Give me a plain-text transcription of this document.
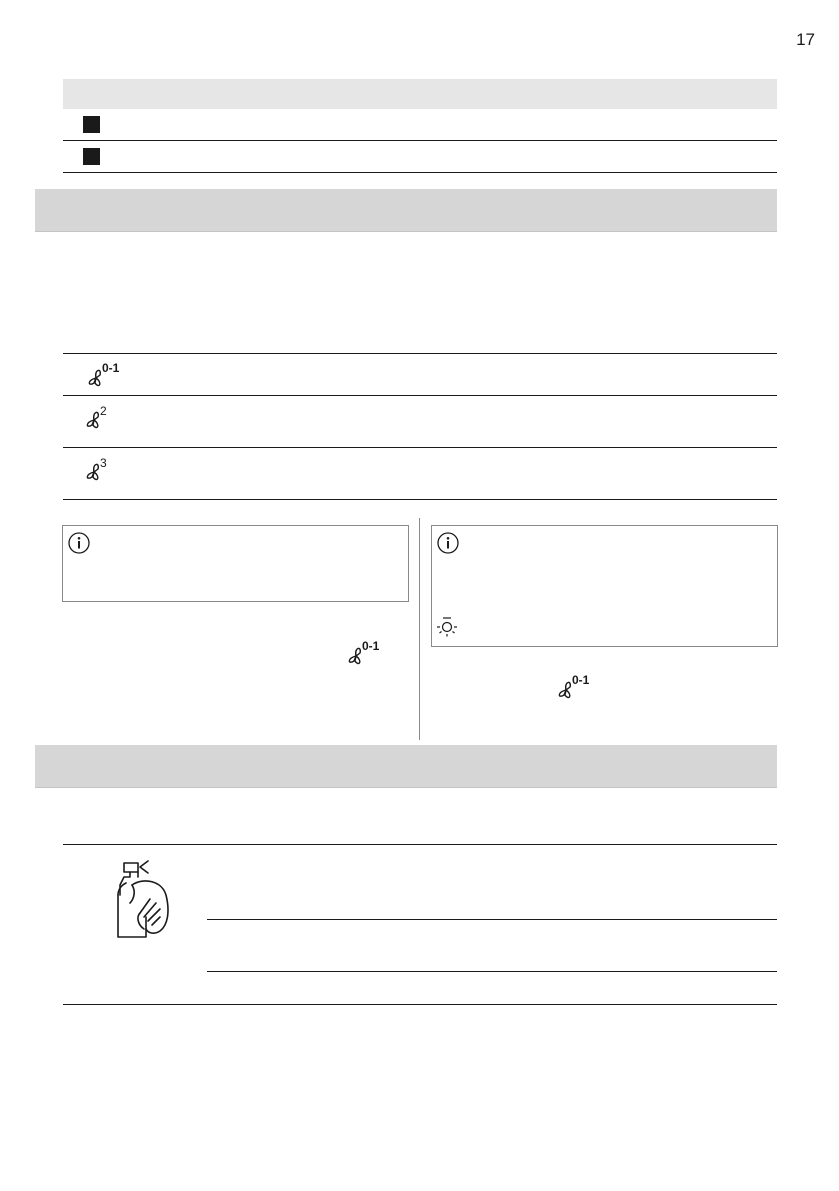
17
0-1
2
3
0-1
0-1
